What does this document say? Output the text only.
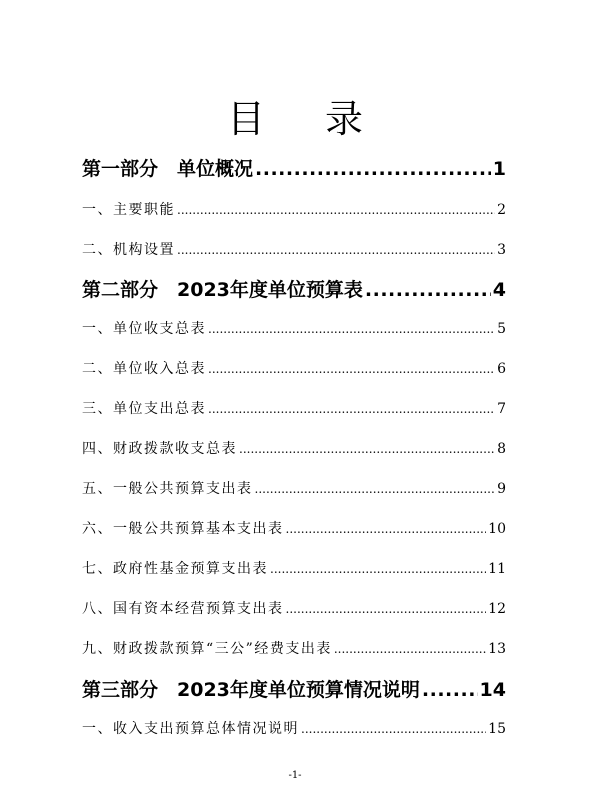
目 录
第一部分　单位概况 .....	1
一、主要职能 .....	2
二、机构设置 .....	3
第二部分　2023年度单位预算表 .....	4
一、单位收支总表 .....	5
二、单位收入总表 .....	6
三、单位支出总表 .....	7
四、财政拨款收支总表 .....	8
五、一般公共预算支出表 .....	9
六、一般公共预算基本支出表 .....	10
七、政府性基金预算支出表 .....	11
八、国有资本经营预算支出表 .....	12
九、财政拨款预算“三公”经费支出表 .....	13
第三部分　2023年度单位预算情况说明 .....	14
一、收入支出预算总体情况说明 .....	15
-1-
